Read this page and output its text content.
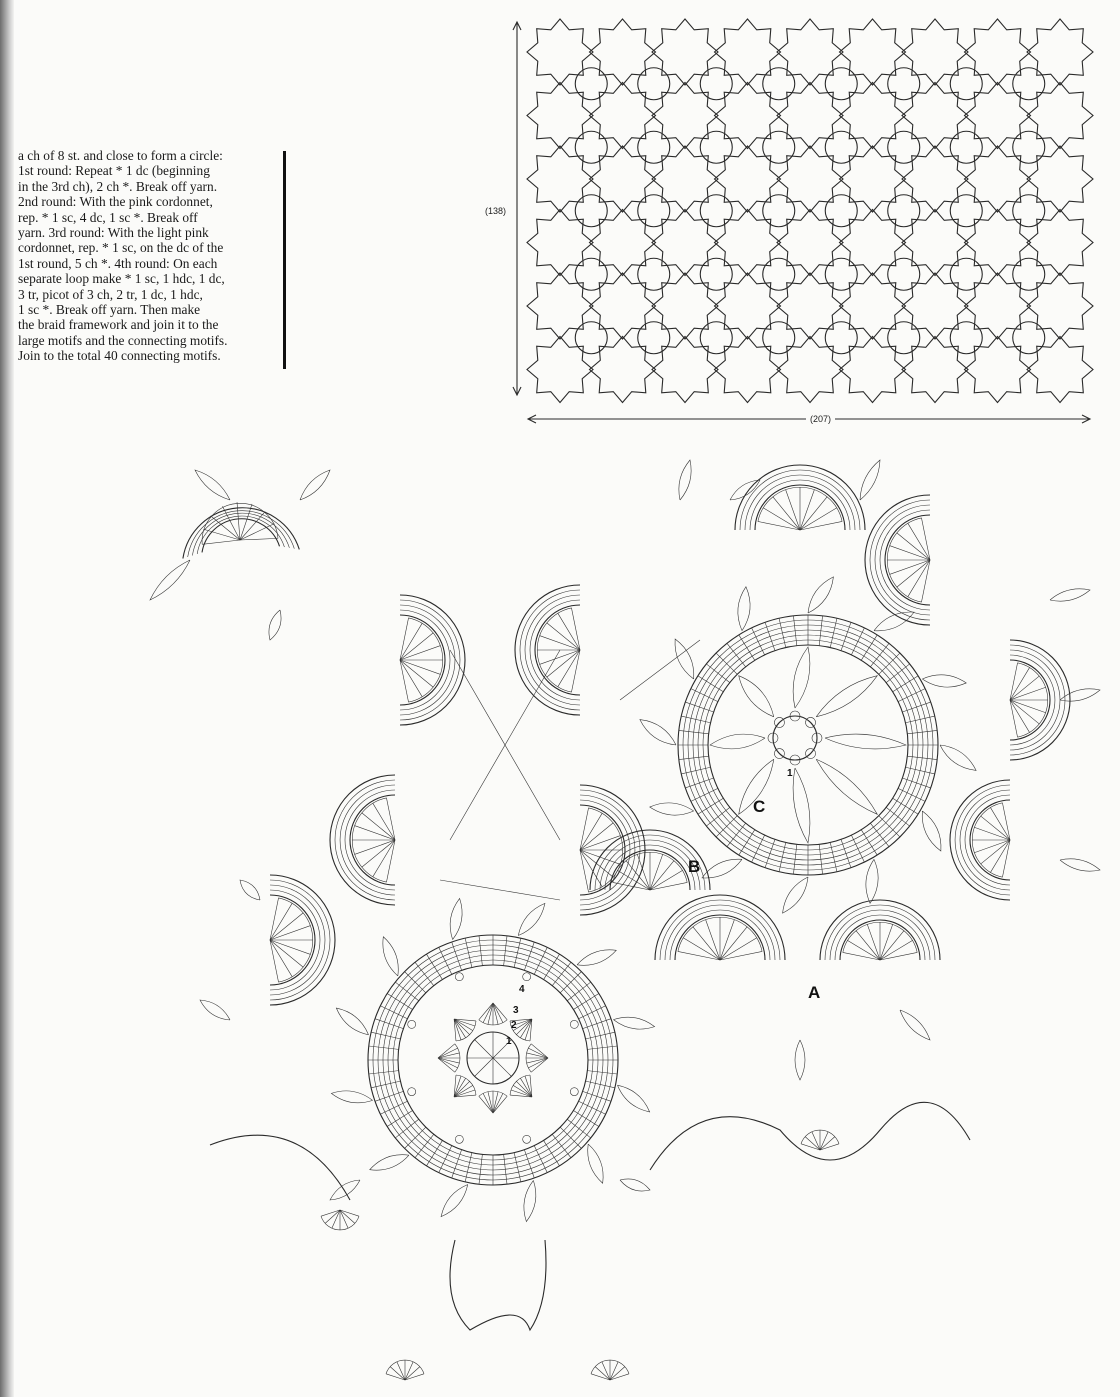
a ch of 8 st. and close to form a circle:
1st round: Repeat * 1 dc (beginning
in the 3rd ch), 2 ch *. Break off yarn.
2nd round: With the pink cordonnet,
rep. * 1 sc, 4 dc, 1 sc *. Break off
yarn. 3rd round: With the light pink
cordonnet, rep. * 1 sc, on the dc of the
1st round, 5 ch *. 4th round: On each
separate loop make * 1 sc, 1 hdc, 1 dc,
3 tr, picot of 3 ch, 2 tr, 1 dc, 1 hdc,
1 sc *. Break off yarn. Then make
the braid framework and join it to the
large motifs and the connecting motifs.
Join to the total 40 connecting motifs.
(138)
(207)
A
B
C
1
1
2
3
4
